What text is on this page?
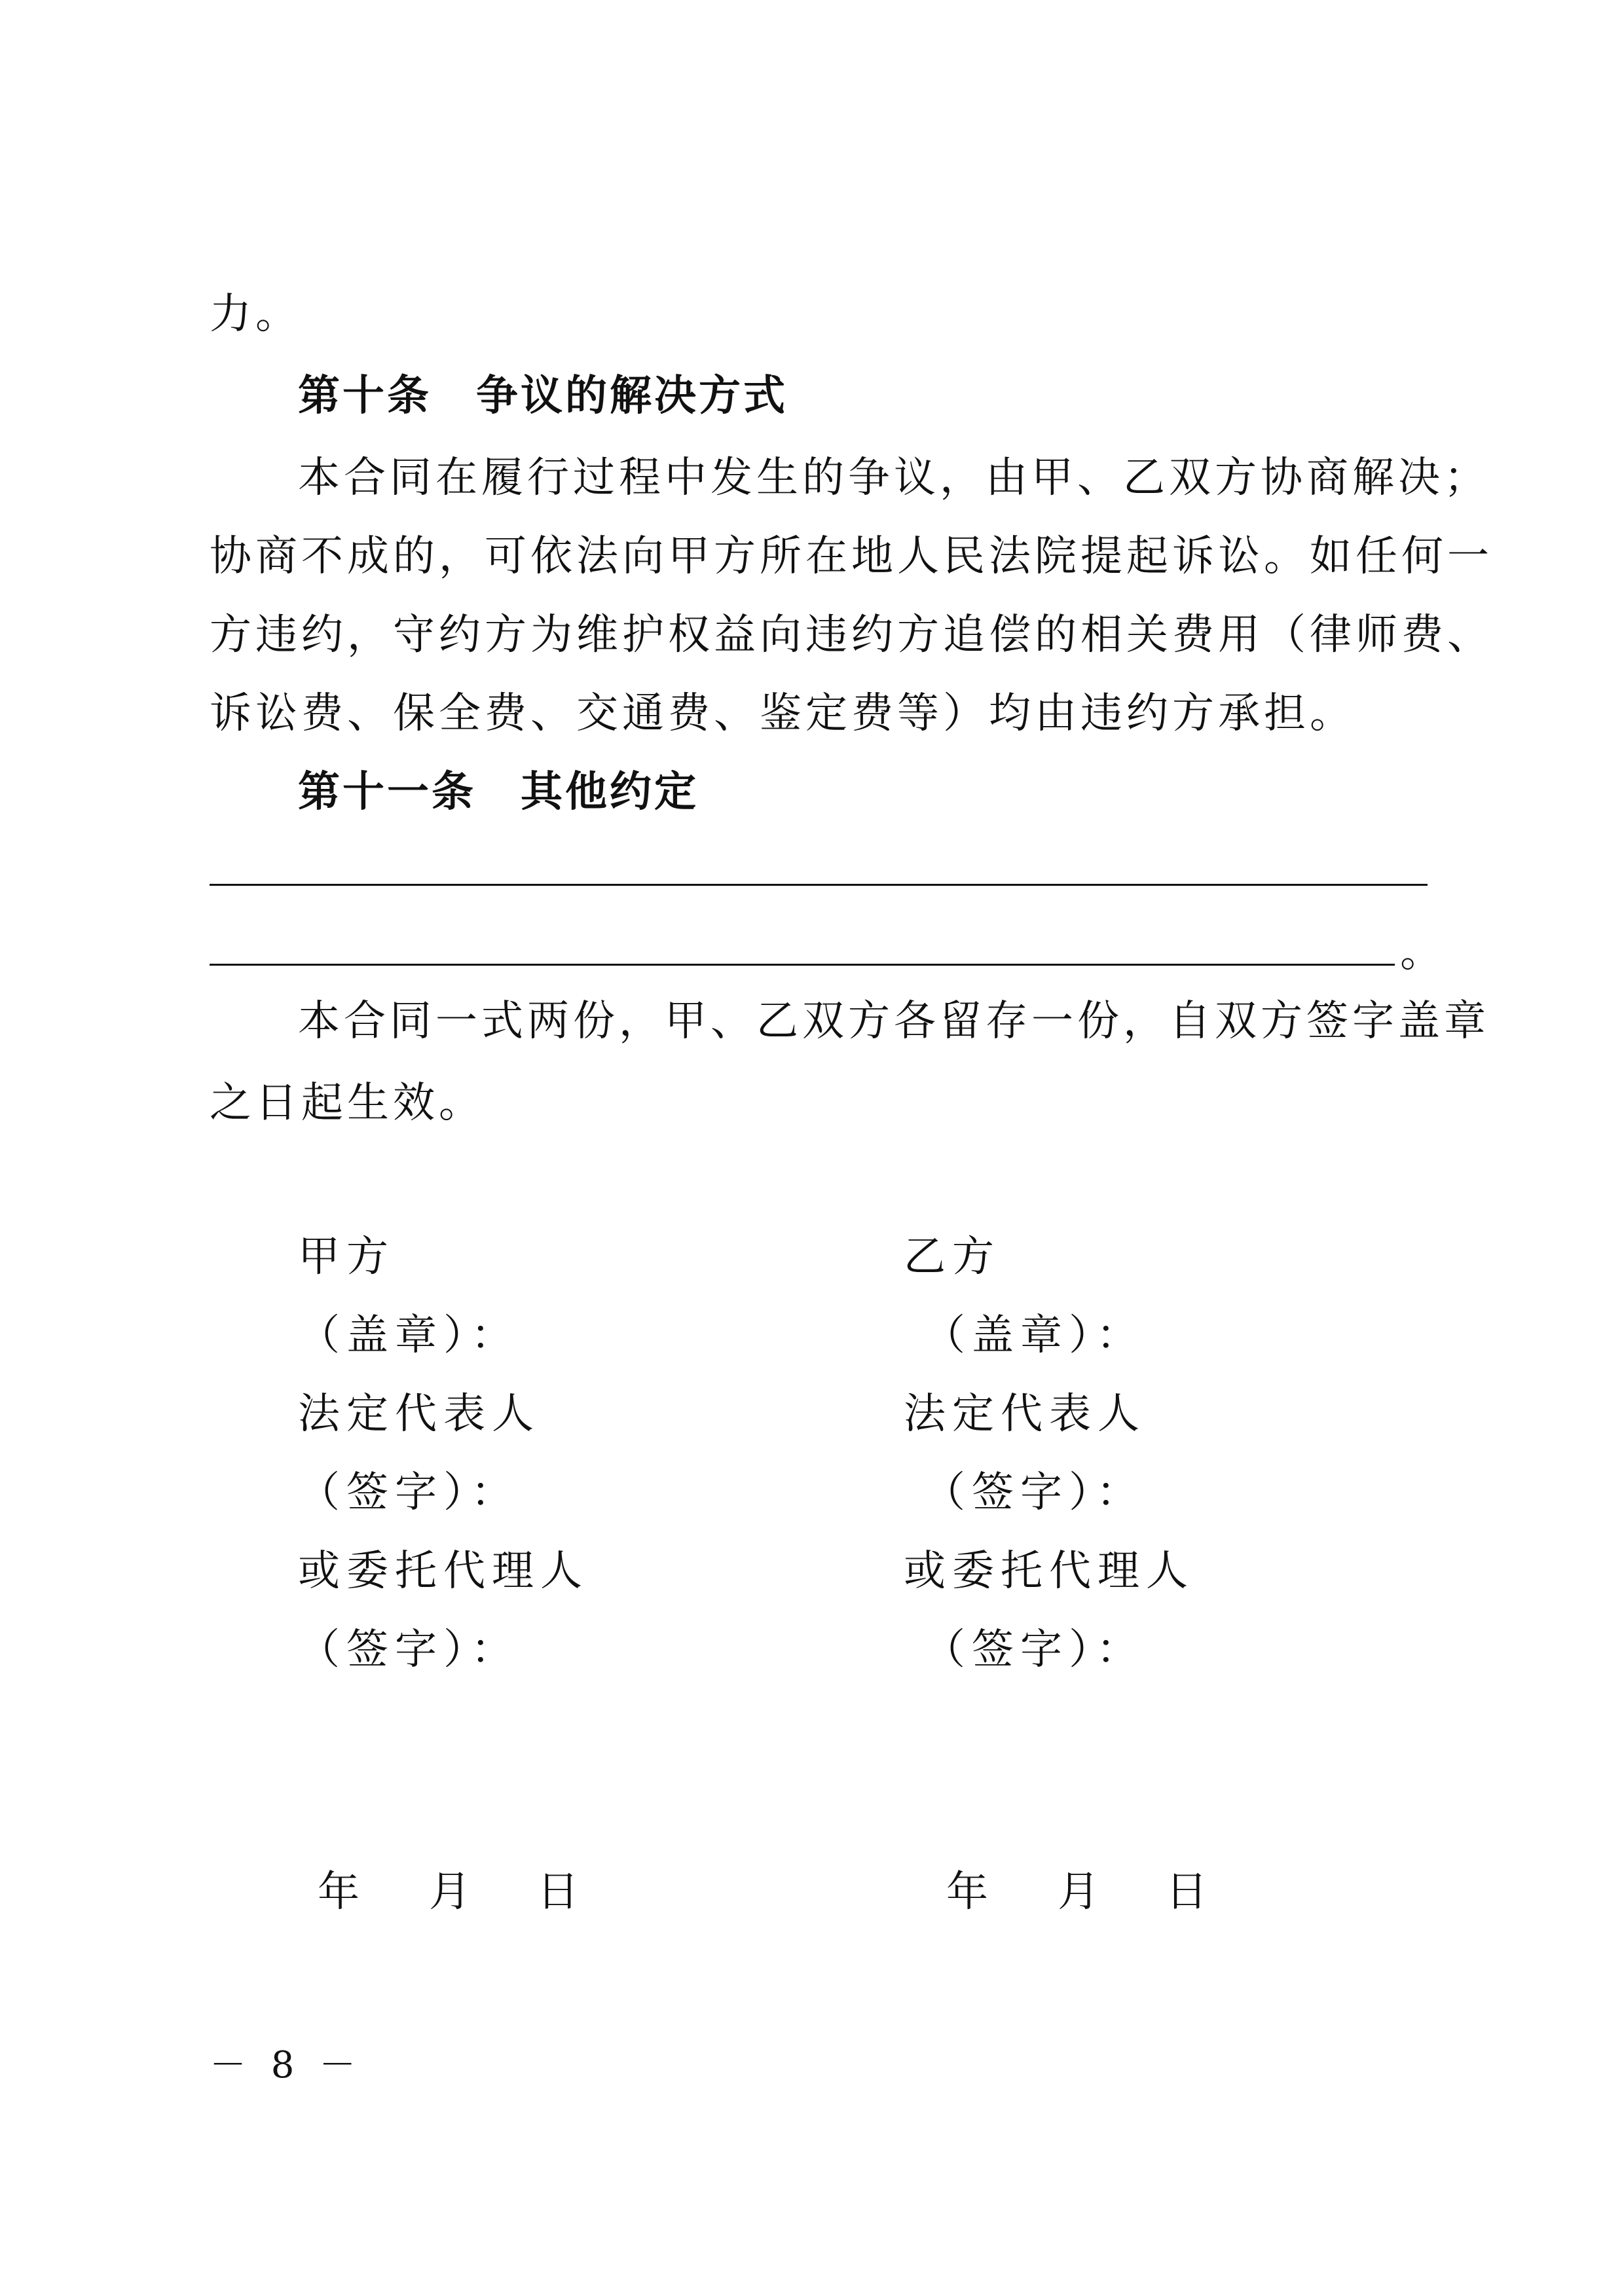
力。
第十条　争议的解决方式
本合同在履行过程中发生的争议，由甲、乙双方协商解决；
协商不成的，可依法向甲方所在地人民法院提起诉讼。如任何一
方违约，守约方为维护权益向违约方追偿的相关费用（律师费、
诉讼费、保全费、交通费、鉴定费等）均由违约方承担。
第十一条　其他约定
。
本合同一式两份，甲、乙双方各留存一份，自双方签字盖章
之日起生效。
甲方
（盖章）：
法定代表人
（签字）：
或委托代理人
（签字）：
年 月 日
乙方
（盖章）：
法定代表人
（签字）：
或委托代理人
（签字）：
年 月 日
－ 8 －
